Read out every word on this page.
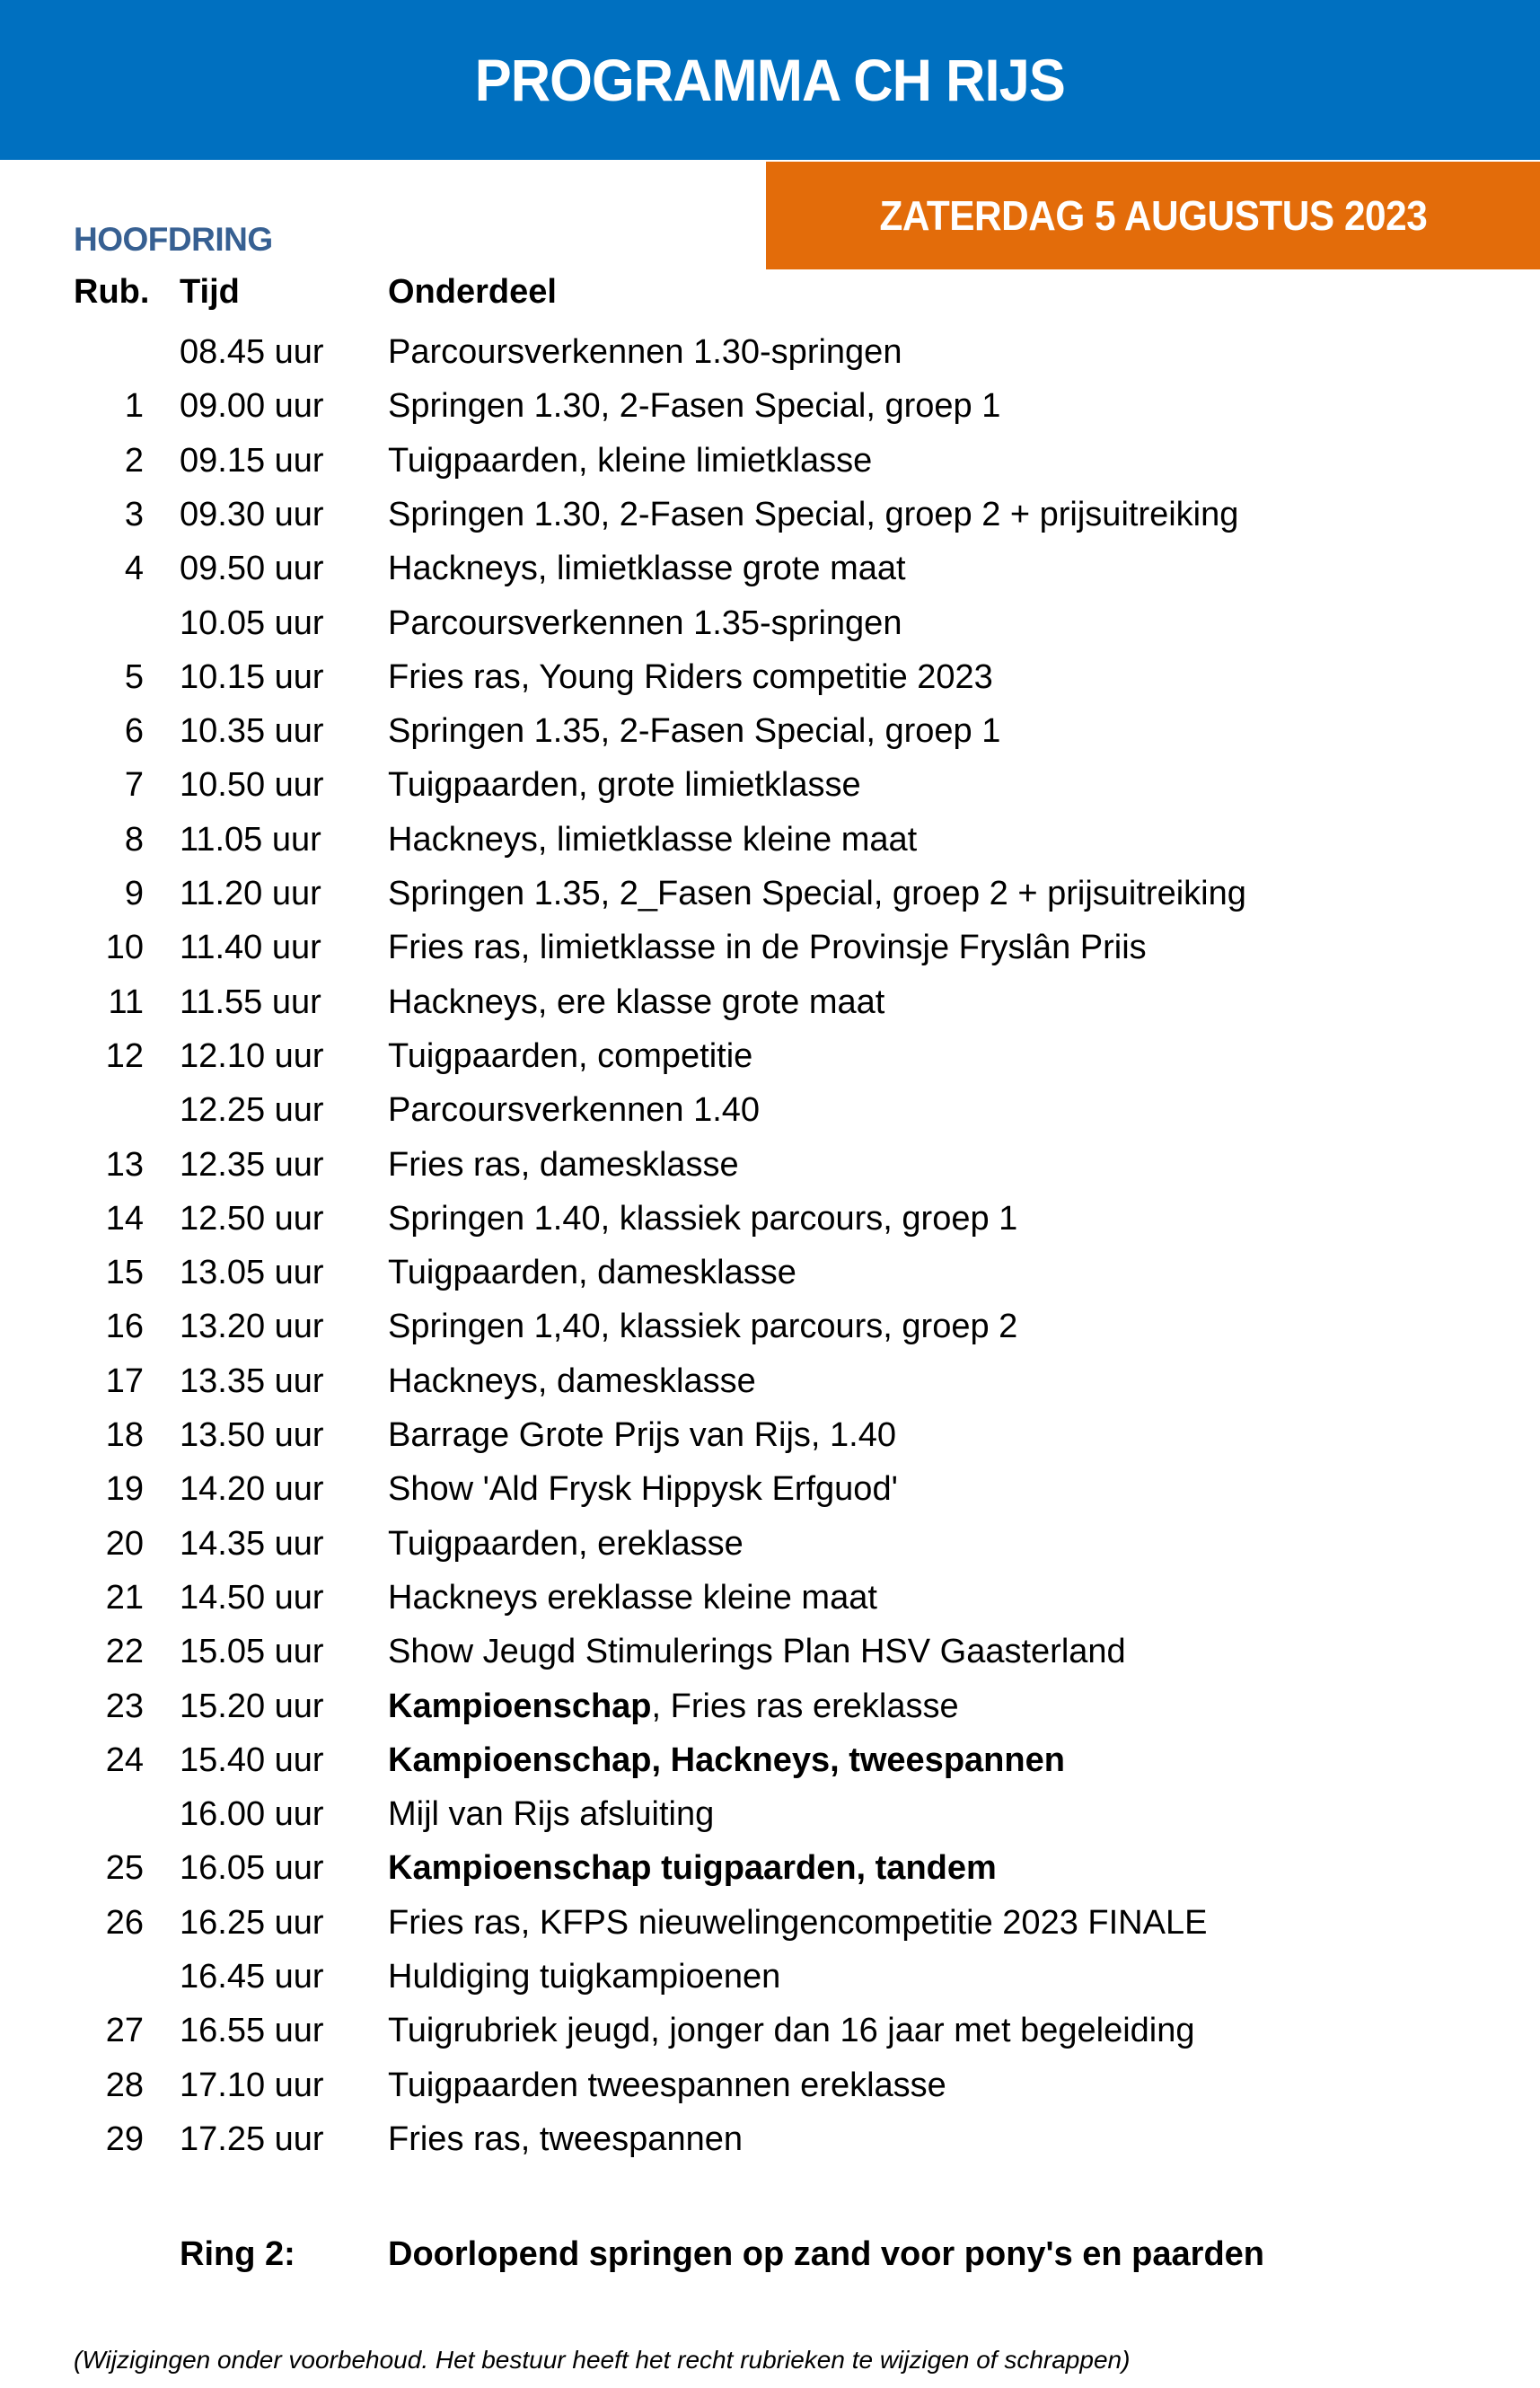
PROGRAMMA CH RIJS
ZATERDAG 5 AUGUSTUS 2023
HOOFDRING
Rub. Tijd	Onderdeel
08.45 uur Parcoursverkennen 1.30-springen
1 09.00 uur Springen 1.30, 2-Fasen Special, groep 1
2 09.15 uur Tuigpaarden, kleine limietklasse
3 09.30 uur Springen 1.30, 2-Fasen Special, groep 2 + prijsuitreiking
4 09.50 uur Hackneys, limietklasse grote maat
10.05 uur Parcoursverkennen 1.35-springen
5 10.15 uur Fries ras, Young Riders competitie 2023
6 10.35 uur Springen 1.35, 2-Fasen Special, groep 1
7 10.50 uur Tuigpaarden, grote limietklasse
8 11.05 uur Hackneys, limietklasse kleine maat
9 11.20 uur Springen 1.35, 2_Fasen Special, groep 2 + prijsuitreiking
10 11.40 uur Fries ras, limietklasse in de Provinsje Fryslân Priis
11 11.55 uur Hackneys, ere klasse grote maat
12 12.10 uur Tuigpaarden, competitie
12.25 uur Parcoursverkennen 1.40
13 12.35 uur Fries ras, damesklasse
14 12.50 uur Springen 1.40, klassiek parcours, groep 1
15 13.05 uur Tuigpaarden, damesklasse
16 13.20 uur Springen 1,40, klassiek parcours, groep 2
17 13.35 uur Hackneys, damesklasse
18 13.50 uur Barrage Grote Prijs van Rijs, 1.40
19 14.20 uur Show 'Ald Frysk Hippysk Erfguod'
20 14.35 uur Tuigpaarden, ereklasse
21 14.50 uur Hackneys ereklasse kleine maat
22 15.05 uur Show Jeugd Stimulerings Plan HSV Gaasterland
23 15.20 uur Kampioenschap, Fries ras ereklasse
24 15.40 uur Kampioenschap, Hackneys, tweespannen
16.00 uur Mijl van Rijs afsluiting
25 16.05 uur Kampioenschap tuigpaarden, tandem
26 16.25 uur Fries ras, KFPS nieuwelingencompetitie 2023 FINALE
16.45 uur Huldiging tuigkampioenen
27 16.55 uur Tuigrubriek jeugd, jonger dan 16 jaar met begeleiding
28 17.10 uur Tuigpaarden tweespannen ereklasse
29 17.25 uur Fries ras, tweespannen
Ring 2:	Doorlopend springen op zand voor pony's en paarden
(Wijzigingen onder voorbehoud. Het bestuur heeft het recht rubrieken te wijzigen of schrappen)
